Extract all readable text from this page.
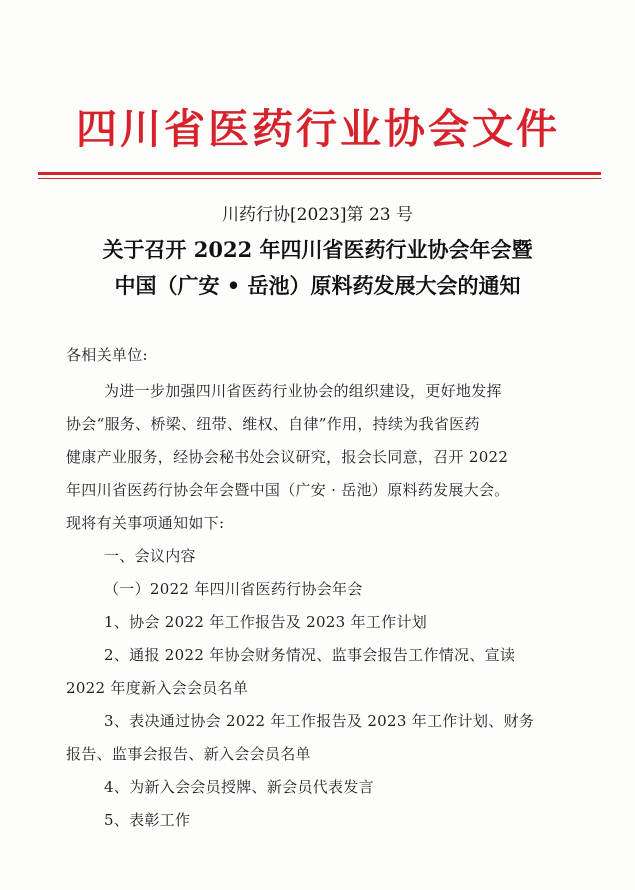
四川省医药行业协会文件
川药行协[2023]第 23 号
关于召开 2022 年四川省医药行业协会年会暨
中国（广安 • 岳池）原料药发展大会的通知
各相关单位:
为进一步加强四川省医药行业协会的组织建设，更好地发挥
协会“服务、桥梁、纽带、维权、自律”作用，持续为我省医药
健康产业服务，经协会秘书处会议研究，报会长同意，召开 2022
年四川省医药行协会年会暨中国（广安 · 岳池）原料药发展大会。
现将有关事项通知如下:
一、会议内容
（一）2022 年四川省医药行协会年会
1、协会 2022 年工作报告及 2023 年工作计划
2、通报 2022 年协会财务情况、监事会报告工作情况、宣读
2022 年度新入会会员名单
3、表决通过协会 2022 年工作报告及 2023 年工作计划、财务
报告、监事会报告、新入会会员名单
4、为新入会会员授牌、新会员代表发言
5、表彰工作
